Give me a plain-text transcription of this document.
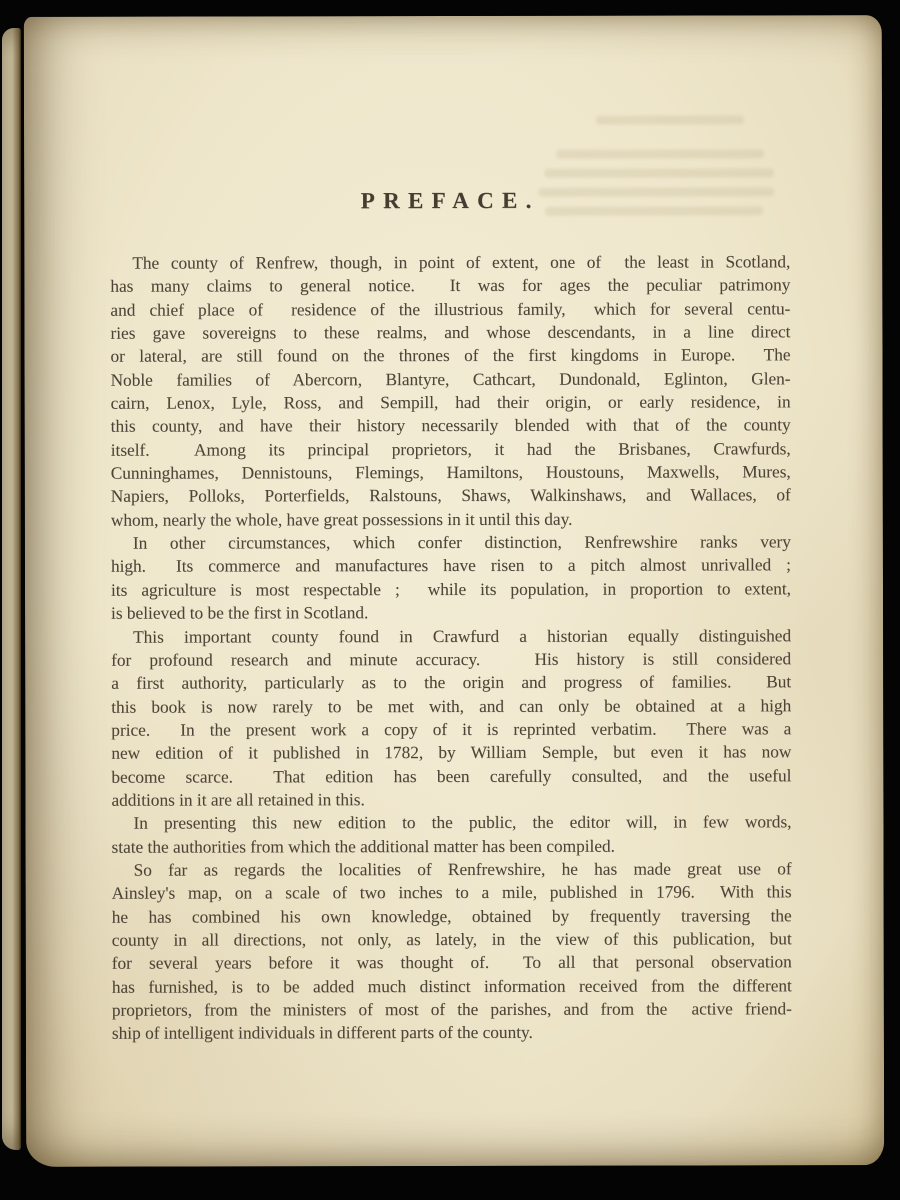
PREFACE.
The county of Renfrew, though, in point of extent, one of  the least in Scotland,
has many claims to general notice.  It was for ages the peculiar patrimony
and chief place of  residence of the illustrious family,  which for several centu-
ries gave sovereigns to these realms, and whose descendants, in a line direct
or lateral, are still found on the thrones of the first kingdoms in Europe.  The
Noble families of Abercorn, Blantyre, Cathcart, Dundonald, Eglinton, Glen-
cairn, Lenox, Lyle, Ross, and Sempill, had their origin, or early residence, in
this county, and have their history necessarily blended with that of the county
itself.  Among its principal proprietors, it had the Brisbanes, Crawfurds,
Cunninghames, Dennistouns, Flemings, Hamiltons, Houstouns, Maxwells, Mures,
Napiers, Polloks, Porterfields, Ralstouns, Shaws, Walkinshaws, and Wallaces, of
whom, nearly the whole, have great possessions in it until this day.
In other circumstances, which confer distinction, Renfrewshire ranks very
high.  Its commerce and manufactures have risen to a pitch almost unrivalled ;
its agriculture is most respectable ;  while its population, in proportion to extent,
is believed to be the first in Scotland.
This important county found in Crawfurd a historian equally distinguished
for profound research and minute accuracy.   His history is still considered
a first authority, particularly as to the origin and progress of families.  But
this book is now rarely to be met with, and can only be obtained at a high
price.  In the present work a copy of it is reprinted verbatim.  There was a
new edition of it published in 1782, by William Semple, but even it has now
become scarce.  That edition has been carefully consulted, and the useful
additions in it are all retained in this.
In presenting this new edition to the public, the editor will, in few words,
state the authorities from which the additional matter has been compiled.
So far as regards the localities of Renfrewshire, he has made great use of
Ainsley's map, on a scale of two inches to a mile, published in 1796.  With this
he has combined his own knowledge, obtained by frequently traversing the
county in all directions, not only, as lately, in the view of this publication, but
for several years before it was thought of.  To all that personal observation
has furnished, is to be added much distinct information received from the different
proprietors, from the ministers of most of the parishes, and from the  active friend-
ship of intelligent individuals in different parts of the county.
